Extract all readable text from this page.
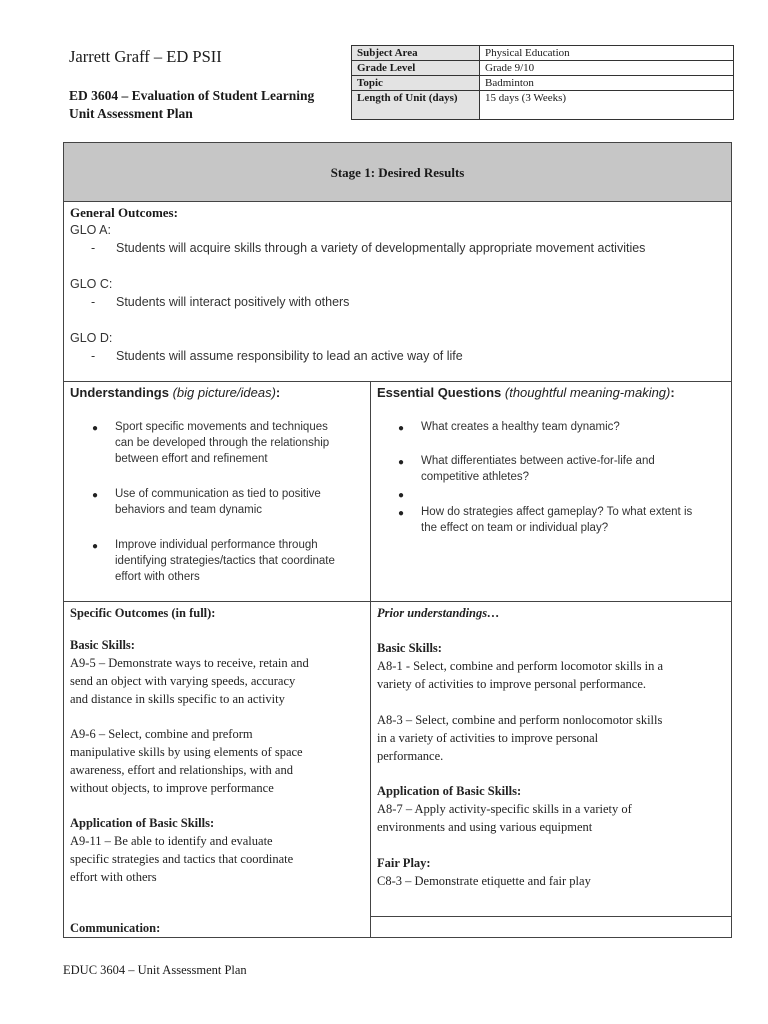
Jarrett Graff – ED PSII
ED 3604 – Evaluation of Student Learning
Unit Assessment Plan
Subject Area	Physical Education
Grade Level	Grade 9/10
Topic	Badminton
Length of Unit (days)	15 days (3 Weeks)
Stage 1: Desired Results
General Outcomes:
GLO A:
- Students will acquire skills through a variety of developmentally appropriate movement activities
GLO C:
- Students will interact positively with others
GLO D:
- Students will assume responsibility to lead an active way of life
Understandings (big picture/ideas):
● Sport specific movements and techniques
can be developed through the relationship
between effort and refinement
● Use of communication as tied to positive
behaviors and team dynamic
● Improve individual performance through
identifying strategies/tactics that coordinate
effort with others
Essential Questions (thoughtful meaning-making):
● What creates a healthy team dynamic?
● What differentiates between active-for-life and
competitive athletes?
●
● How do strategies affect gameplay? To what extent is
the effect on team or individual play?
Specific Outcomes (in full):
Basic Skills:
A9-5 – Demonstrate ways to receive, retain and
send an object with varying speeds, accuracy
and distance in skills specific to an activity
A9-6 – Select, combine and preform
manipulative skills by using elements of space
awareness, effort and relationships, with and
without objects, to improve performance
Application of Basic Skills:
A9-11 – Be able to identify and evaluate
specific strategies and tactics that coordinate
effort with others
Communication:
Prior understandings…
Basic Skills:
A8-1 - Select, combine and perform locomotor skills in a
variety of activities to improve personal performance.
A8-3 – Select, combine and perform nonlocomotor skills
in a variety of activities to improve personal
performance.
Application of Basic Skills:
A8-7 – Apply activity-specific skills in a variety of
environments and using various equipment
Fair Play:
C8-3 – Demonstrate etiquette and fair play
EDUC 3604 – Unit Assessment Plan
